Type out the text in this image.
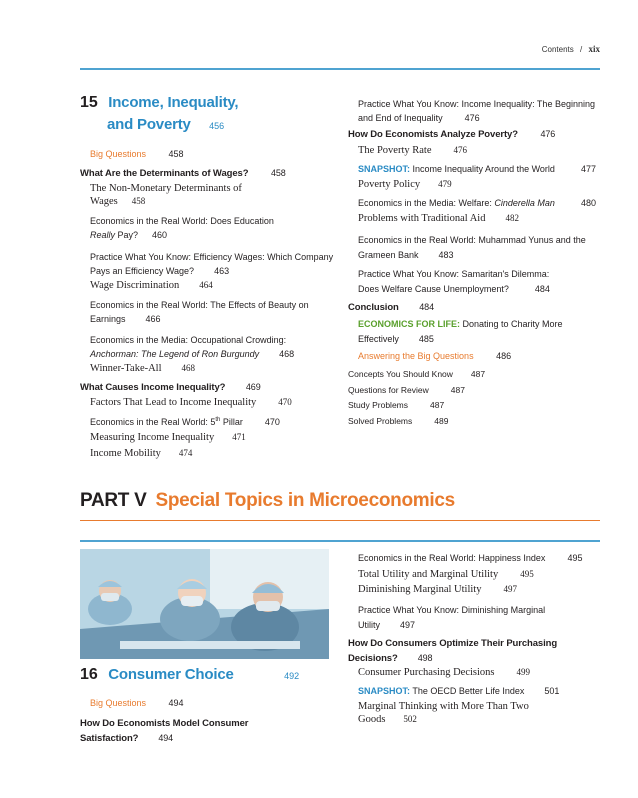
Contents / xix
15 Income, Inequality,
and Poverty 456
Big Questions	458
What Are the Determinants of Wages?	458
The Non-Monetary Determinants of
Wages 458
Economics in the Real World: Does Education
Really Pay? 460
Practice What You Know: Efficiency Wages: Which Company
Pays an Efficiency Wage? 463
Wage Discrimination 464
Economics in the Real World: The Effects of Beauty on
Earnings 466
Economics in the Media: Occupational Crowding:
Anchorman: The Legend of Ron Burgundy 468
Winner-Take-All 468
What Causes Income Inequality? 469
Factors That Lead to Income Inequality 470
Economics in the Real World: 5th Pillar 470
Measuring Income Inequality 471
Income Mobility 474
Practice What You Know: Income Inequality: The Beginning
and End of Inequality 476
How Do Economists Analyze Poverty?	476
The Poverty Rate 476
SNAPSHOT: Income Inequality Around the World	477
Poverty Policy 479
Economics in the Media: Welfare: Cinderella Man	480
Problems with Traditional Aid 482
Economics in the Real World: Muhammad Yunus and the
Grameen Bank 483
Practice What You Know: Samaritan's Dilemma:
Does Welfare Cause Unemployment?	484
Conclusion 484
ECONOMICS FOR LIFE: Donating to Charity More
Effectively 485
Answering the Big Questions	486
Concepts You Should Know 487
Questions for Review	487
Study Problems	487
Solved Problems	489
PART V Special Topics in Microeconomics
16 Consumer Choice	492
Big Questions	494
How Do Economists Model Consumer
Satisfaction? 494
Economics in the Real World: Happiness Index 495
Total Utility and Marginal Utility 495
Diminishing Marginal Utility 497
Practice What You Know: Diminishing Marginal
Utility 497
How Do Consumers Optimize Their Purchasing
Decisions? 498
Consumer Purchasing Decisions 499
SNAPSHOT: The OECD Better Life Index 501
Marginal Thinking with More Than Two
Goods 502
